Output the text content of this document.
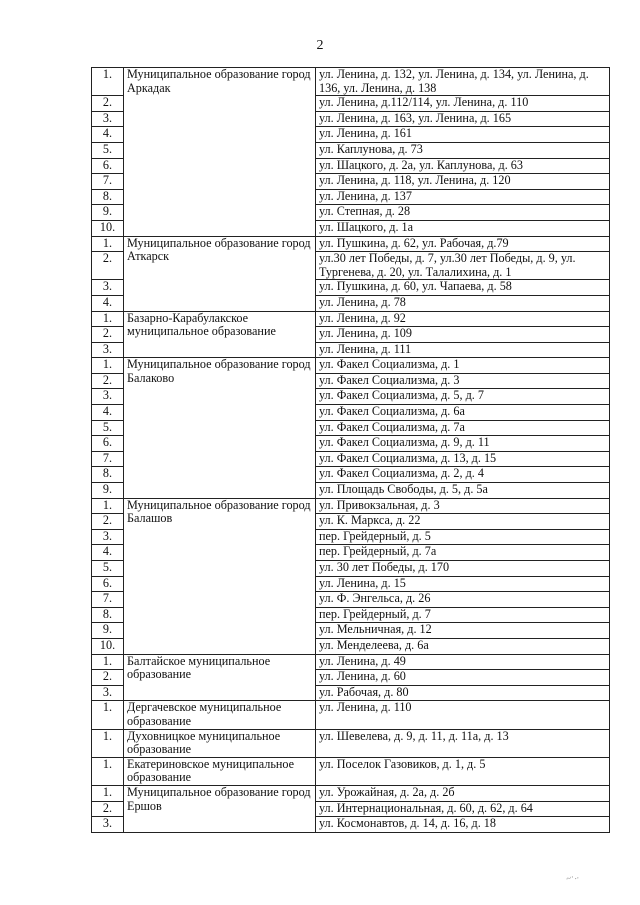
2
1.	Муниципальное образование город Аркадак	ул. Ленина, д. 132, ул. Ленина, д. 134, ул. Ленина, д. 136, ул. Ленина, д. 138
2.		ул. Ленина, д.112/114, ул. Ленина, д. 110
3.		ул. Ленина, д. 163, ул. Ленина, д. 165
4.		ул. Ленина, д. 161
5.		ул. Каплунова, д. 73
6.		ул. Шацкого, д. 2а, ул. Каплунова, д. 63
7.		ул. Ленина, д. 118, ул. Ленина, д. 120
8.		ул. Ленина, д. 137
9.		ул. Степная, д. 28
10.		ул. Шацкого, д. 1а
1.	Муниципальное образование город Аткарск	ул. Пушкина, д. 62, ул. Рабочая, д.79
2.		ул.30 лет Победы, д. 7, ул.30 лет Победы, д. 9, ул. Тургенева, д. 20, ул. Талалихина, д. 1
3.		ул. Пушкина, д. 60, ул. Чапаева, д. 58
4.		ул. Ленина, д. 78
1.	Базарно-Карабулакское муниципальное образование	ул. Ленина, д. 92
2.		ул. Ленина, д. 109
3.		ул. Ленина, д. 111
1.	Муниципальное образование город Балаково	ул. Факел Социализма, д. 1
2.		ул. Факел Социализма, д. 3
3.		ул. Факел Социализма, д. 5, д. 7
4.		ул. Факел Социализма, д. 6а
5.		ул. Факел Социализма, д. 7а
6.		ул. Факел Социализма, д. 9, д. 11
7.		ул. Факел Социализма, д. 13, д. 15
8.		ул. Факел Социализма, д. 2, д. 4
9.		ул. Площадь Свободы, д. 5, д. 5а
1.	Муниципальное образование город Балашов	ул. Привокзальная, д. 3
2.		ул. К. Маркса, д. 22
3.		пер. Грейдерный, д. 5
4.		пер. Грейдерный, д. 7а
5.		ул. 30 лет Победы, д. 170
6.		ул. Ленина, д. 15
7.		ул. Ф. Энгельса, д. 26
8.		пер. Грейдерный, д. 7
9.		ул. Мельничная, д. 12
10.		ул. Менделеева, д. 6а
1.	Балтайское муниципальное образование	ул. Ленина, д. 49
2.		ул. Ленина, д. 60
3.		ул. Рабочая, д. 80
1.	Дергачевское муниципальное образование	ул. Ленина, д. 110
1.	Духовницкое муниципальное образование	ул. Шевелева, д. 9, д. 11, д. 11а, д. 13
1.	Екатериновское муниципальное образование	ул. Поселок Газовиков, д. 1, д. 5
1.	Муниципальное образование город Ершов	ул. Урожайная, д. 2а, д. 2б
2.		ул. Интернациональная, д. 60, д. 62, д. 64
3.		ул. Космонавтов, д. 14, д. 16, д. 18
~·..
